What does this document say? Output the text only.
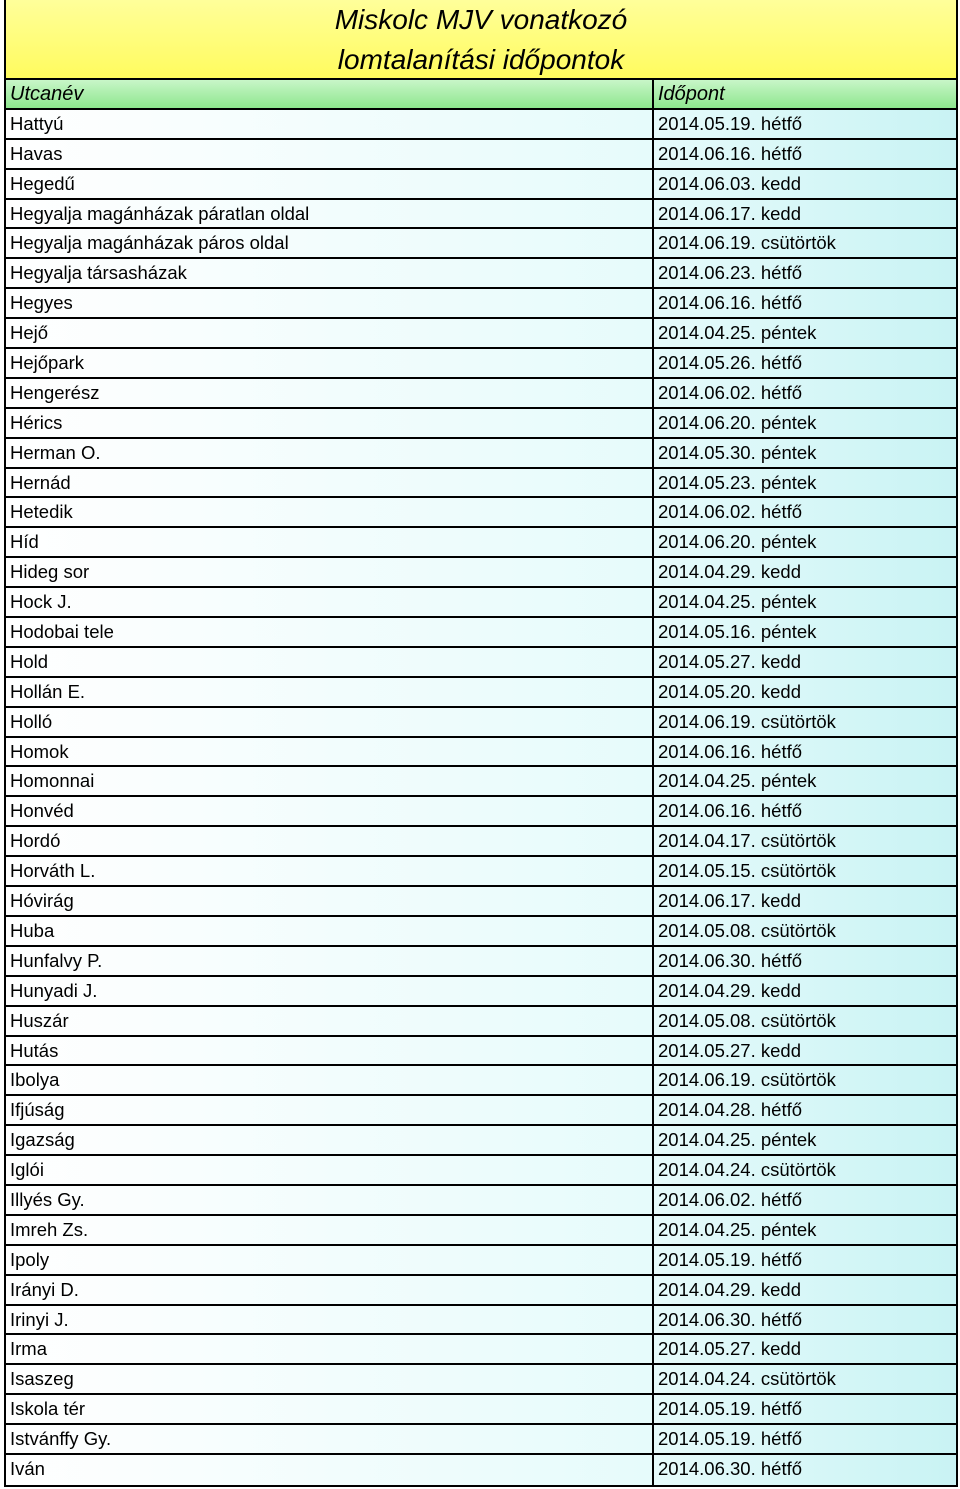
Miskolc MJV vonatkozó
lomtalanítási időpontok
Utcanév	Időpont
Hattyú	2014.05.19. hétfő
Havas	2014.06.16. hétfő
Hegedű	2014.06.03. kedd
Hegyalja magánházak páratlan oldal	2014.06.17. kedd
Hegyalja magánházak páros oldal	2014.06.19. csütörtök
Hegyalja társasházak	2014.06.23. hétfő
Hegyes	2014.06.16. hétfő
Hejő	2014.04.25. péntek
Hejőpark	2014.05.26. hétfő
Hengerész	2014.06.02. hétfő
Hérics	2014.06.20. péntek
Herman O.	2014.05.30. péntek
Hernád	2014.05.23. péntek
Hetedik	2014.06.02. hétfő
Híd	2014.06.20. péntek
Hideg sor	2014.04.29. kedd
Hock J.	2014.04.25. péntek
Hodobai tele	2014.05.16. péntek
Hold	2014.05.27. kedd
Hollán E.	2014.05.20. kedd
Holló	2014.06.19. csütörtök
Homok	2014.06.16. hétfő
Homonnai	2014.04.25. péntek
Honvéd	2014.06.16. hétfő
Hordó	2014.04.17. csütörtök
Horváth L.	2014.05.15. csütörtök
Hóvirág	2014.06.17. kedd
Huba	2014.05.08. csütörtök
Hunfalvy P.	2014.06.30. hétfő
Hunyadi J.	2014.04.29. kedd
Huszár	2014.05.08. csütörtök
Hutás	2014.05.27. kedd
Ibolya	2014.06.19. csütörtök
Ifjúság	2014.04.28. hétfő
Igazság	2014.04.25. péntek
Iglói	2014.04.24. csütörtök
Illyés Gy.	2014.06.02. hétfő
Imreh Zs.	2014.04.25. péntek
Ipoly	2014.05.19. hétfő
Irányi D.	2014.04.29. kedd
Irinyi J.	2014.06.30. hétfő
Irma	2014.05.27. kedd
Isaszeg	2014.04.24. csütörtök
Iskola tér	2014.05.19. hétfő
Istvánffy Gy.	2014.05.19. hétfő
Iván	2014.06.30. hétfő
